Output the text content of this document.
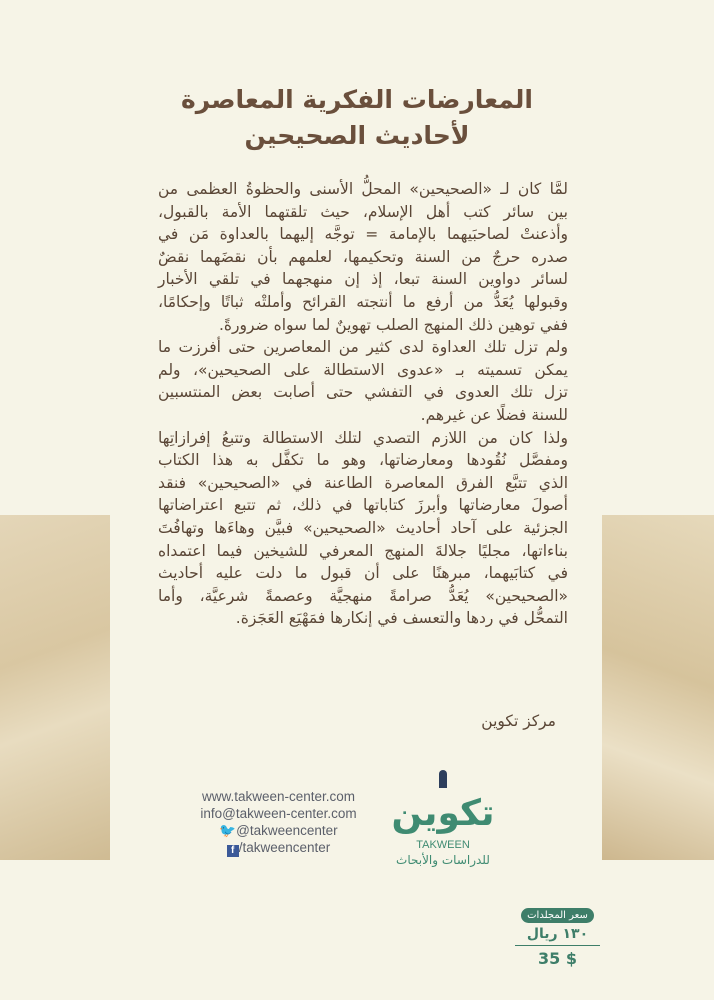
المعارضات الفكرية المعاصرة
لأحاديث الصحيحين
لمَّا كان لـ «الصحيحين» المحلُّ الأسنى والحظوةُ العظمى من
بين سائر كتب أهل الإسلام، حيث تلقتهما الأمة بالقبول،
وأذعنتْ لصاحبَيهما بالإمامة = توجَّه إليهما بالعداوة مَن في
صدره حرجٌ من السنة وتحكيمها، لعلمهم بأن نقضَهما نقضٌ
لسائر دواوين السنة تبعا، إذ إن منهجهما في تلقي الأخبار
وقبولها يُعَدُّ من أرفع ما أنتجته القرائح وأملتْه ثباتًا وإحكامًا،
ففي توهين ذلك المنهج الصلب تهوينٌ لما سواه ضرورةً.
ولم تزل تلك العداوة لدى كثير من المعاصرين حتى أفرزت ما
يمكن تسميته بـ «عدوى الاستطالة على الصحيحين»، ولم
تزل تلك العدوى في التفشي حتى أصابت بعض المنتسبين
للسنة فضلًا عن غيرهم.
ولذا كان من اللازم التصدي لتلك الاستطالة وتتبعُ إفرازاتِها
ومفصَّل نُقُودها ومعارضاتها، وهو ما تكفَّل به هذا الكتاب
الذي تتبَّع الفرق المعاصرة الطاعنة في «الصحيحين» فنقد
أصولَ معارضاتها وأبرزَ كتاباتها في ذلك، ثم تتبع اعتراضاتها
الجزئية على آحاد أحاديث «الصحيحين» فبيَّن وهاءَها وتهافُتَ
بناءاتها، مجليًا جلالةَ المنهج المعرفي للشيخين فيما اعتمداه
في كتابَيهما، مبرهنًا على أن قبول ما دلت عليه أحاديث
«الصحيحين» يُعَدُّ صرامةً منهجيَّة وعصمةً شرعيَّة، وأما
التمحُّل في ردها والتعسف في إنكارها فمَهْيَع العَجَزة.
مركز تكوين
www.takween-center.com
info@takween-center.com
🐦@takweencenter
f /takweencenter
تكوين
TAKWEEN
للدراسات والأبحاث
سعر المجلدات
١٣٠ ريال
35 $
